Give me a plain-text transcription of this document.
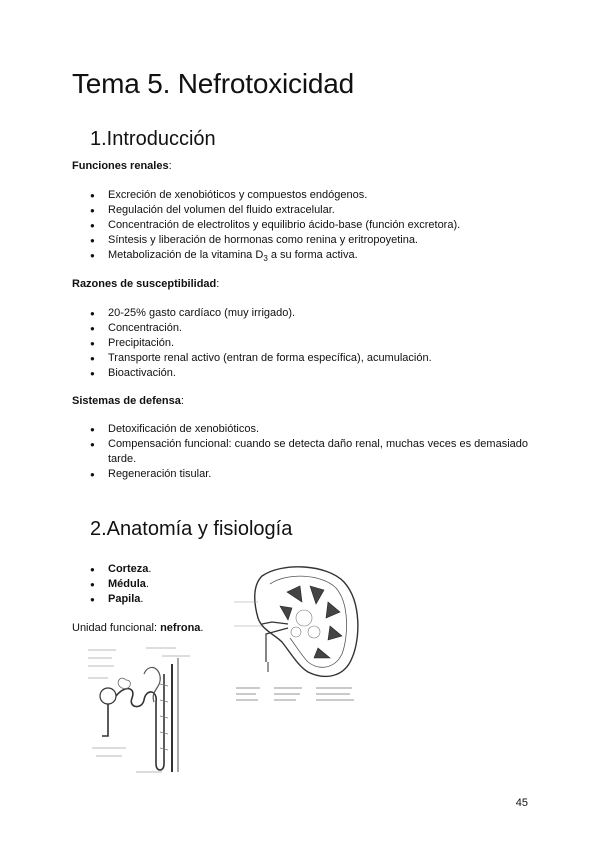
Tema 5. Nefrotoxicidad
1.Introducción
Funciones renales:
● Excreción de xenobióticos y compuestos endógenos.
● Regulación del volumen del fluido extracelular.
● Concentración de electrolitos y equilibrio ácido-base (función excretora).
● Síntesis y liberación de hormonas como renina y eritropoyetina.
● Metabolización de la vitamina $D_3$ a su forma activa.
Razones de susceptibilidad:
● 20-25% gasto cardíaco (muy irrigado).
● Concentración.
● Precipitación.
● Transporte renal activo (entran de forma específica), acumulación.
● Bioactivación.
Sistemas de defensa:
● Detoxificación de xenobióticos.
● Compensación funcional: cuando se detecta daño renal, muchas veces es demasiado tarde.
● Regeneración tisular.
2.Anatomía y fisiología
● Corteza.
● Médula.
● Papila.
Unidad funcional: nefrona.
45
